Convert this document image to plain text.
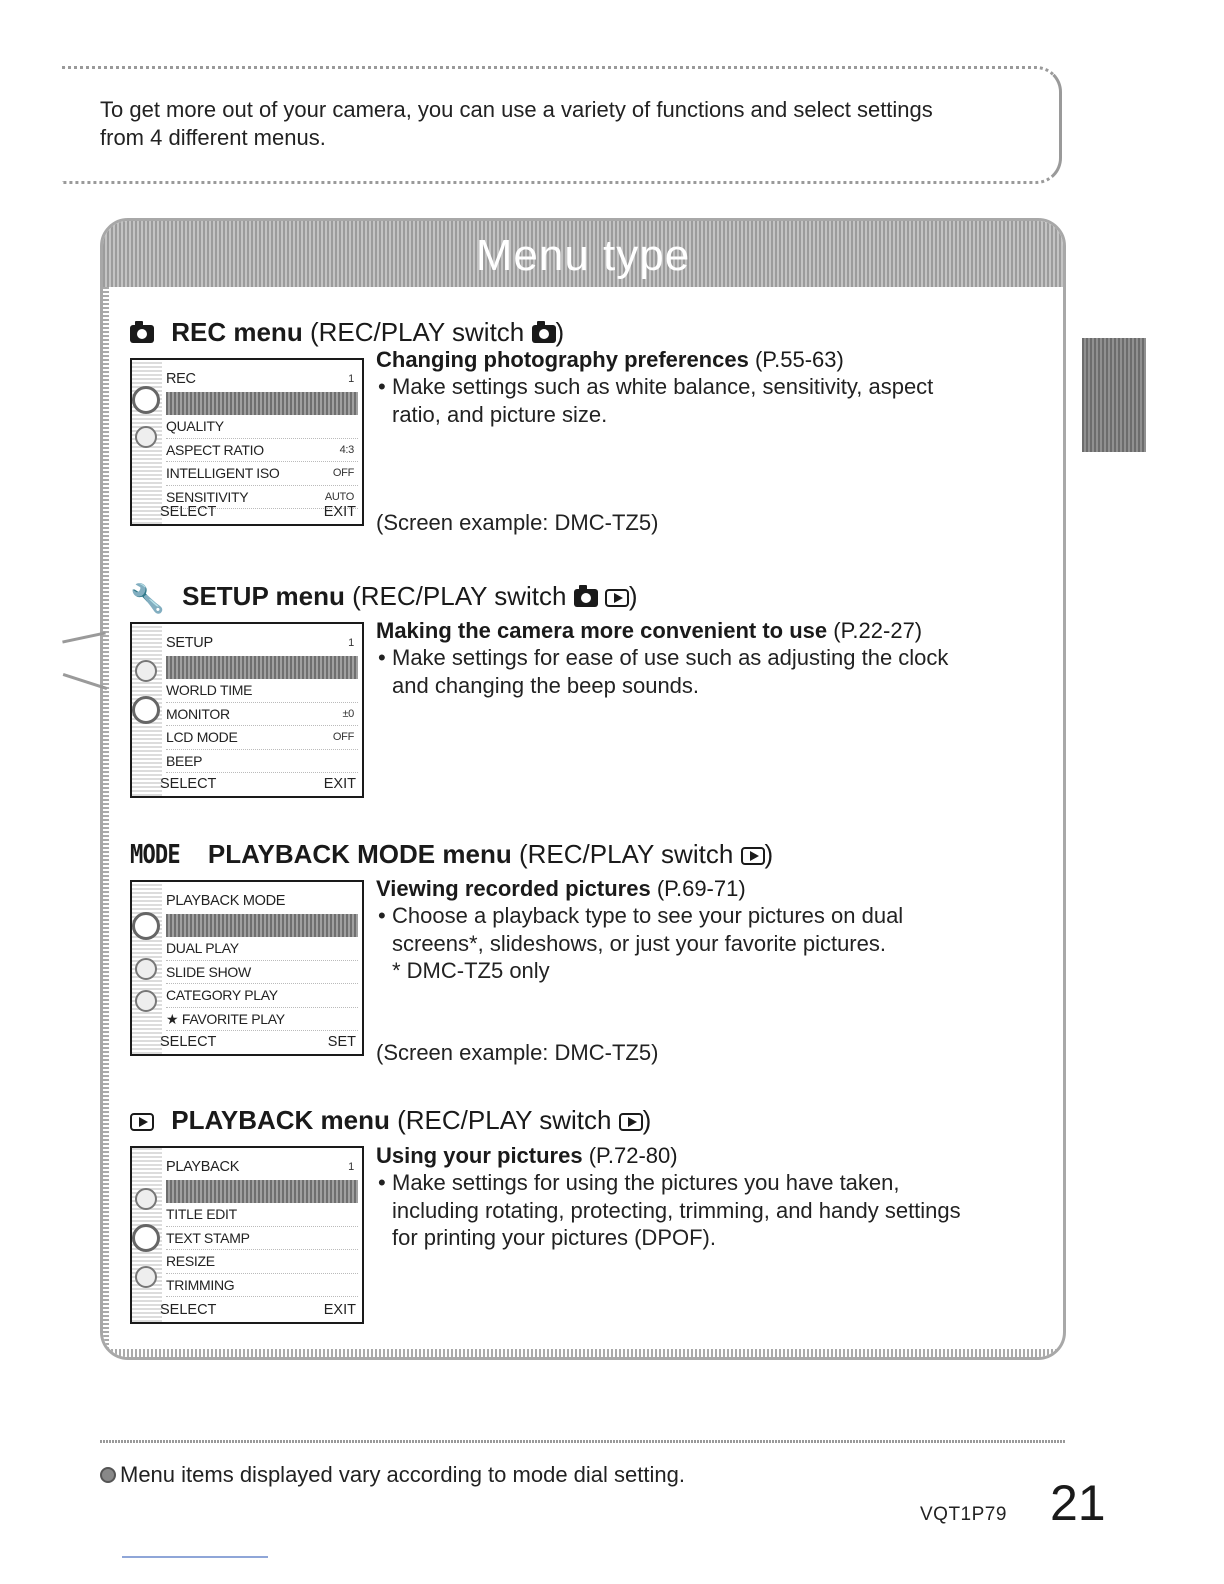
To get more out of your camera, you can use a variety of functions and select settings
from 4 different menus.
Menu type
REC menu (REC/PLAY switch )
REC	1
QUALITY
ASPECT RATIO	4:3
INTELLIGENT ISO	OFF
SENSITIVITY	AUTO
SELECT	EXIT
Changing photography preferences (P.55-63)
• Make settings such as white balance, sensitivity, aspect
ratio, and picture size.
(Screen example: DMC-TZ5)
🔧 SETUP menu (REC/PLAY switch )
SETUP	1
WORLD TIME
MONITOR	±0
LCD MODE	OFF
BEEP
SELECT	EXIT
Making the camera more convenient to use (P.22-27)
• Make settings for ease of use such as adjusting the clock
and changing the beep sounds.
MODE PLAYBACK MODE menu (REC/PLAY switch )
PLAYBACK MODE
DUAL PLAY
SLIDE SHOW
CATEGORY PLAY
★ FAVORITE PLAY
SELECT	SET
Viewing recorded pictures (P.69-71)
• Choose a playback type to see your pictures on dual
screens*, slideshows, or just your favorite pictures.
* DMC-TZ5 only
(Screen example: DMC-TZ5)
PLAYBACK menu (REC/PLAY switch )
PLAYBACK	1
TITLE EDIT
TEXT STAMP
RESIZE
TRIMMING
SELECT	EXIT
Using your pictures (P.72-80)
• Make settings for using the pictures you have taken,
including rotating, protecting, trimming, and handy settings
for printing your pictures (DPOF).
Menu items displayed vary according to mode dial setting.
VQT1P79 21
